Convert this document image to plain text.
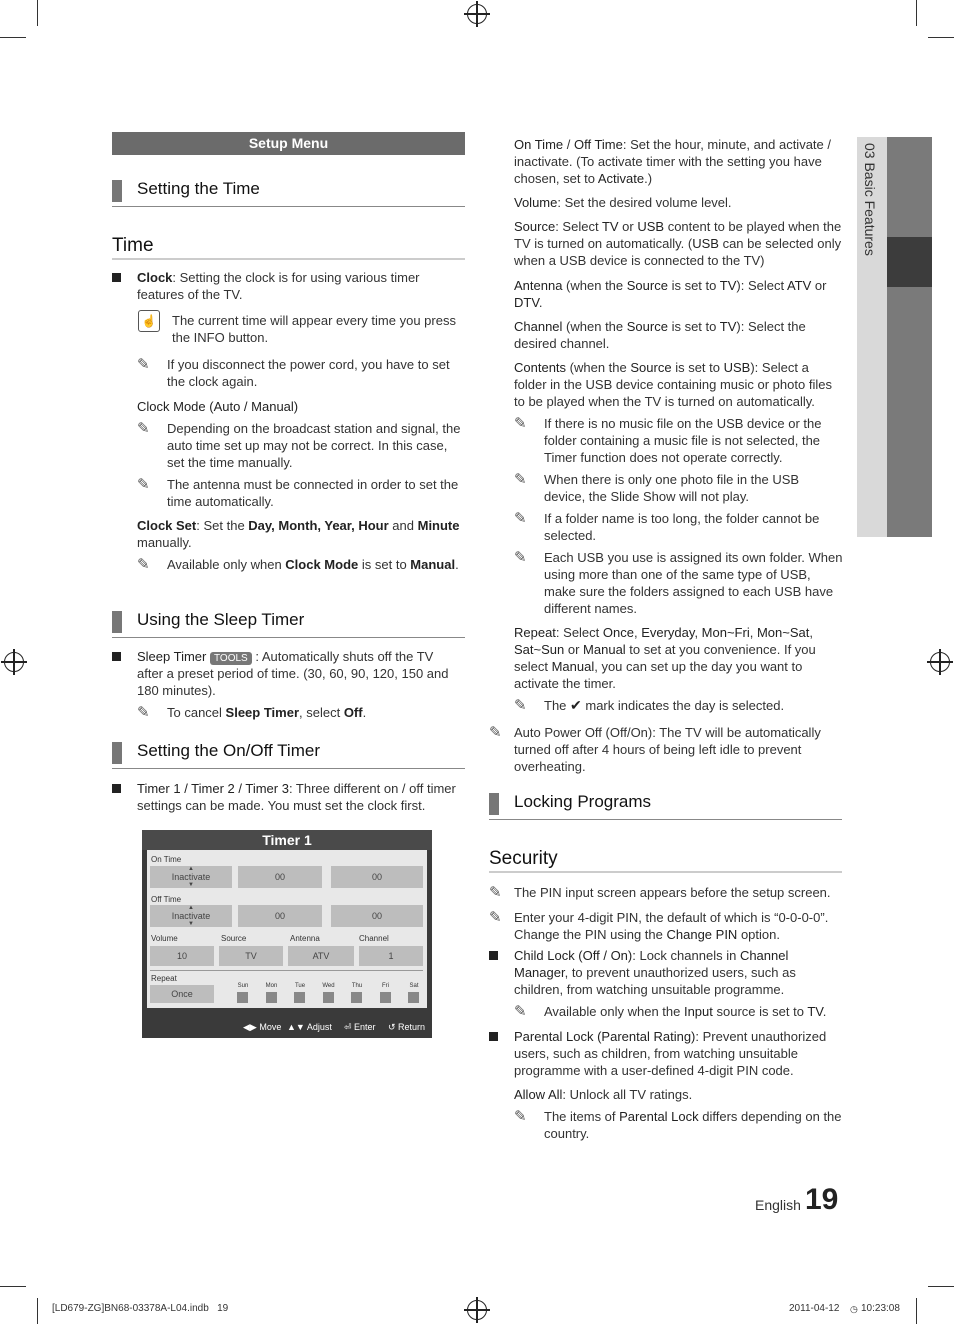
03 Basic Features
Setup Menu
Setting the Time
Time

Clock: Setting the clock is for using various timer features of the TV.

☝ The current time will appear every time you press the INFO button.

✎ If you disconnect the power cord, you have to set the clock again.

Clock Mode (Auto / Manual)

✎ Depending on the broadcast station and signal, the auto time set up may not be correct. In this case, set the time manually.

✎ The antenna must be connected in order to set the time automatically.

Clock Set: Set the Day, Month, Year, Hour and Minute manually.

✎ Available only when Clock Mode is set to Manual.

Using the Sleep Timer

Sleep Timer TOOLS : Automatically shuts off the TV after a preset period of time. (30, 60, 90, 120, 150 and 180 minutes).

✎ To cancel Sleep Timer, select Off.

Setting the On/Off Timer

Timer 1 / Timer 2 / Timer 3: Three different on / off timer settings can be made. You must set the clock first.

Timer 1
On Time
▲
Inactivate
▼
00	00
Off Time
▲
Inactivate
▼
00	00
Volume	Source	Antenna	Channel
10	TV	ATV	1
Repeat
Once
Sun	Mon	Tue	Wed	Thu	Fri	Sat
◀▶ Move ▲▼ Adjust ⏎ Enter ↺ Return

On Time / Off Time: Set the hour, minute, and activate / inactivate. (To activate timer with the setting you have chosen, set to Activate.)

Volume: Set the desired volume level.

Source: Select TV or USB content to be played when the TV is turned on automatically. (USB can be selected only when a USB device is connected to the TV)

Antenna (when the Source is set to TV): Select ATV or DTV.

Channel (when the Source is set to TV): Select the desired channel.

Contents (when the Source is set to USB): Select a folder in the USB device containing music or photo files to be played when the TV is turned on automatically.

✎ If there is no music file on the USB device or the folder containing a music file is not selected, the Timer function does not operate correctly.

✎ When there is only one photo file in the USB device, the Slide Show will not play.

✎ If a folder name is too long, the folder cannot be selected.

✎ Each USB you use is assigned its own folder. When using more than one of the same type of USB, make sure the folders assigned to each USB have different names.

Repeat: Select Once, Everyday, Mon~Fri, Mon~Sat, Sat~Sun or Manual to set at you convenience. If you select Manual, you can set up the day you want to activate the timer.

✎ The ✔ mark indicates the day is selected.

✎ Auto Power Off (Off/On): The TV will be automatically turned off after 4 hours of being left idle to prevent overheating.

Locking Programs
Security
✎ The PIN input screen appears before the setup screen.

✎ Enter your 4-digit PIN, the default of which is “0-0-0-0”. Change the PIN using the Change PIN option.

Child Lock (Off / On): Lock channels in Channel Manager, to prevent unauthorized users, such as children, from watching unsuitable programme.

✎ Available only when the Input source is set to TV.

Parental Lock (Parental Rating): Prevent unauthorized users, such as children, from watching unsuitable programme with a user-defined 4-digit PIN code.

Allow All: Unlock all TV ratings.

✎ The items of Parental Lock differs depending on the country.

English 19
[LD679-ZG]BN68-03378A-L04.indb   19	2011-04-12 ◷ 10:23:08
